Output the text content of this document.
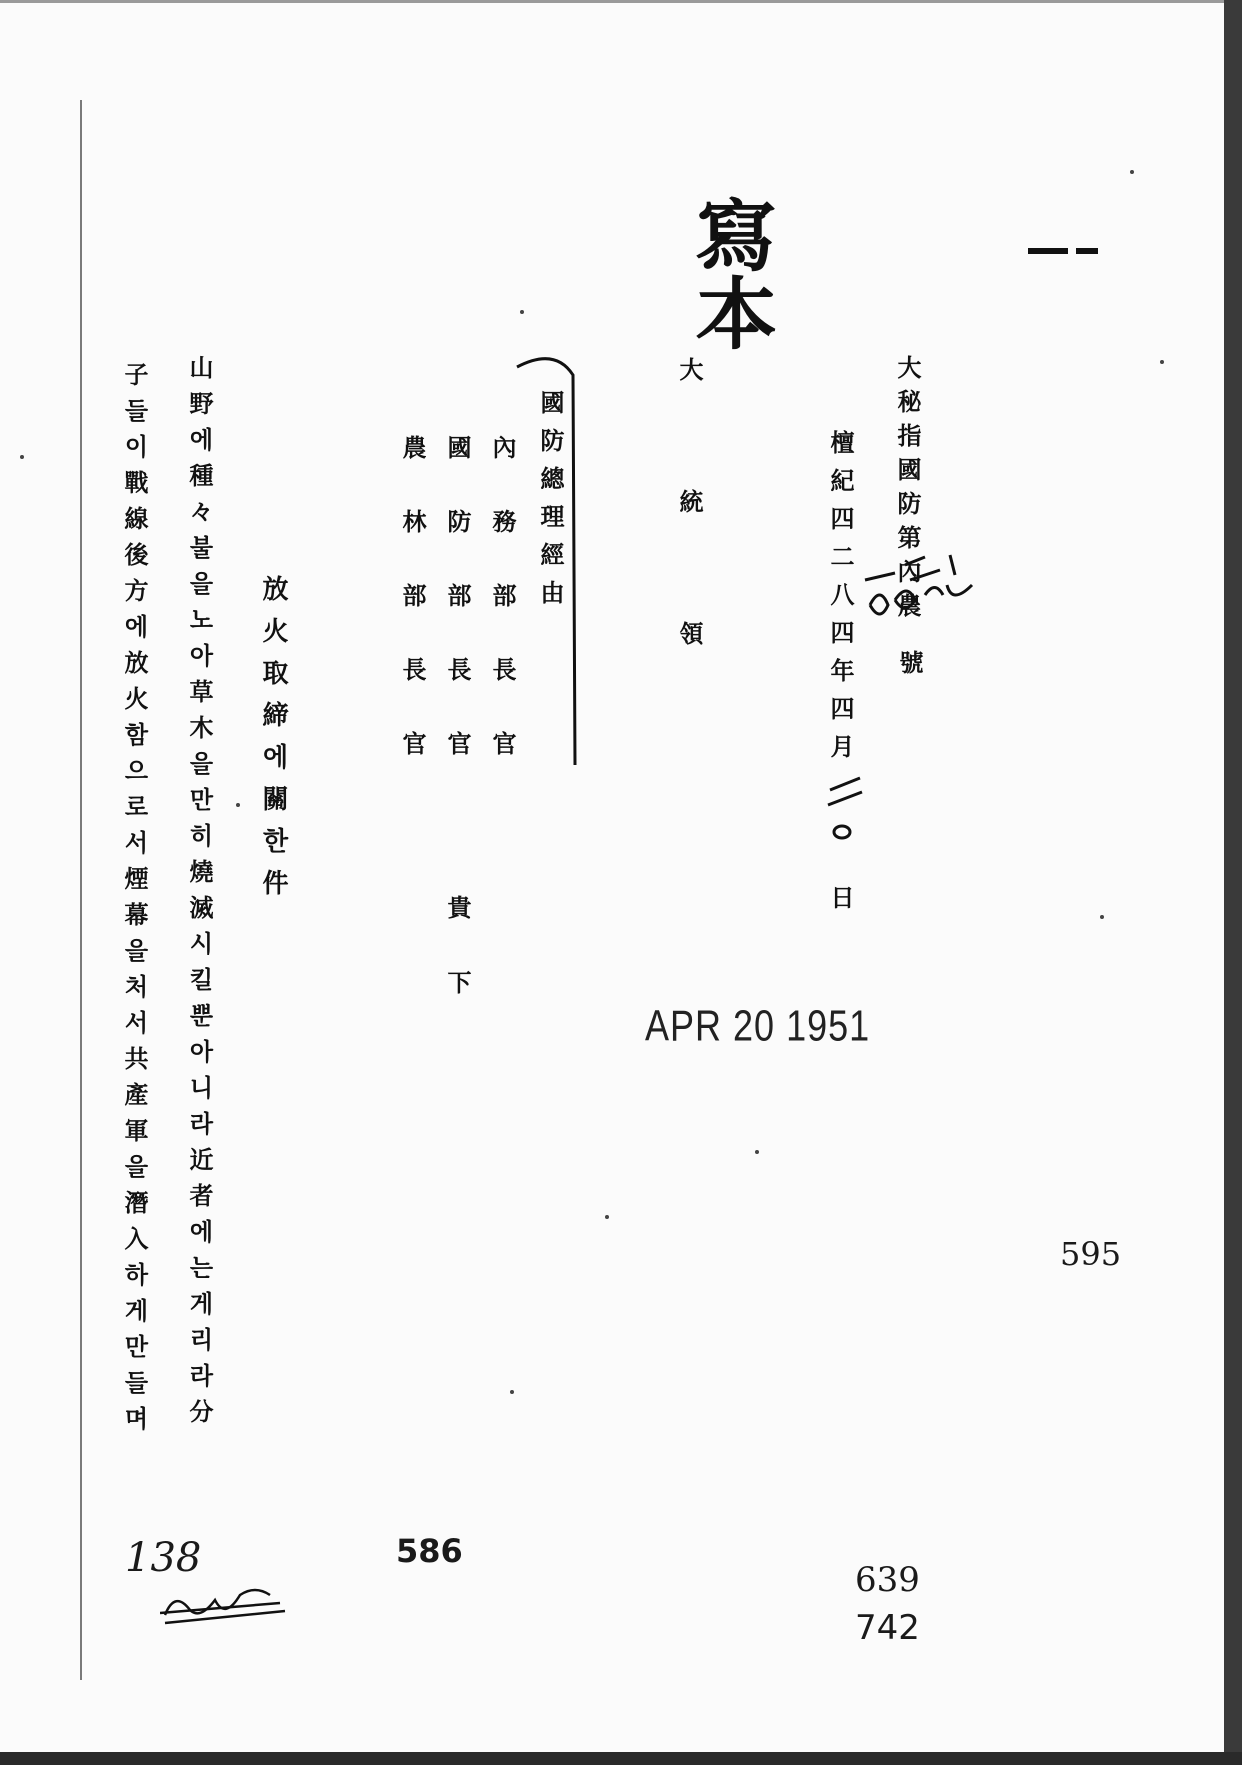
寫本
大秘指國防第內農
一三九
號
檀紀四二八四年四月
日
大統領
國防總理經由
內務部長官
國防部長官
農林部長官
貴
下
APR 20 1951
放火取締에關한件
山野에種々불을노아草木을만히燒滅시킬뿐아니라近者에는게리라分
子들이戰線後方에放火함으로서煙幕을처서共產軍을潛入하게만들며	595
586
639
742
138
